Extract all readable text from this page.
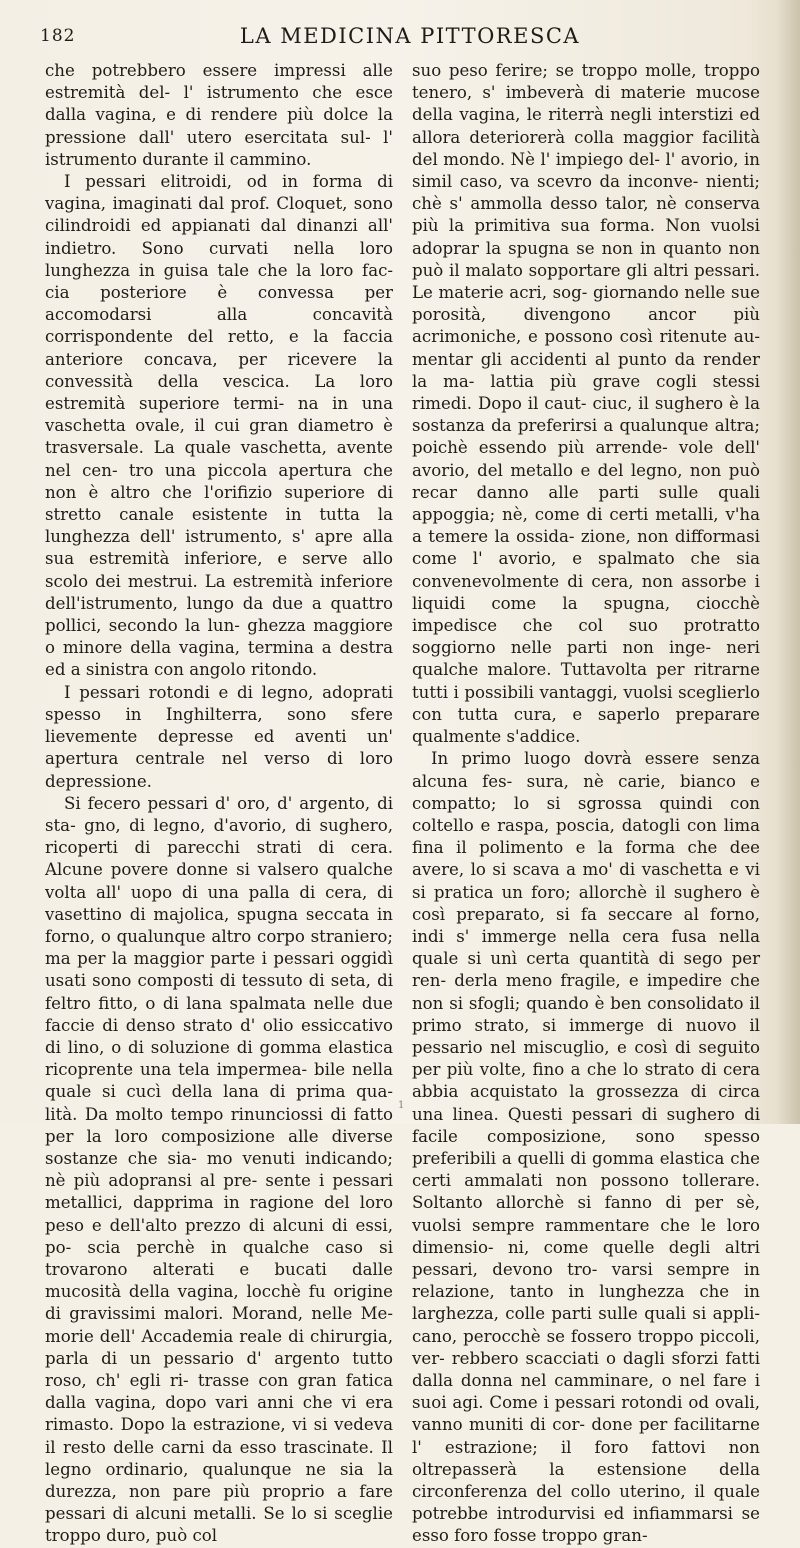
182	LA MEDICINA PITTORESCA

che potrebbero essere impressi alle estremità del- l' istrumento che esce dalla vagina, e di rendere più dolce la pressione dall' utero esercitata sul- l' istrumento durante il cammino.

I pessari elitroidi, od in forma di vagina, imaginati dal prof. Cloquet, sono cilindroidi ed appianati dal dinanzi all' indietro. Sono curvati nella loro lunghezza in guisa tale che la loro fac- cia posteriore è convessa per accomodarsi alla concavità corrispondente del retto, e la faccia anteriore concava, per ricevere la convessità della vescica. La loro estremità superiore termi- na in una vaschetta ovale, il cui gran diametro è trasversale. La quale vaschetta, avente nel cen- tro una piccola apertura che non è altro che l'orifizio superiore di stretto canale esistente in tutta la lunghezza dell' istrumento, s' apre alla sua estremità inferiore, e serve allo scolo dei mestrui. La estremità inferiore dell'istrumento, lungo da due a quattro pollici, secondo la lun- ghezza maggiore o minore della vagina, termina a destra ed a sinistra con angolo ritondo.

I pessari rotondi e di legno, adoprati spesso in Inghilterra, sono sfere lievemente depresse ed aventi un' apertura centrale nel verso di loro depressione.

Si fecero pessari d' oro, d' argento, di sta- gno, di legno, d'avorio, di sughero, ricoperti di parecchi strati di cera. Alcune povere donne si valsero qualche volta all' uopo di una palla di cera, di vasettino di majolica, spugna seccata in forno, o qualunque altro corpo straniero; ma per la maggior parte i pessari oggidì usati sono composti di tessuto di seta, di feltro fitto, o di lana spalmata nelle due faccie di denso strato d' olio essiccativo di lino, o di soluzione di gomma elastica ricoprente una tela impermea- bile nella quale si cucì della lana di prima qua- lità. Da molto tempo rinunciossi di fatto per la loro composizione alle diverse sostanze che sia- mo venuti indicando; nè più adopransi al pre- sente i pessari metallici, dapprima in ragione del loro peso e dell'alto prezzo di alcuni di essi, po- scia perchè in qualche caso si trovarono alterati e bucati dalle mucosità della vagina, locchè fu origine di gravissimi malori. Morand, nelle Me- morie dell' Accademia reale di chirurgia, parla di un pessario d' argento tutto roso, ch' egli ri- trasse con gran fatica dalla vagina, dopo vari anni che vi era rimasto. Dopo la estrazione, vi si vedeva il resto delle carni da esso trascinate. Il legno ordinario, qualunque ne sia la durezza, non pare più proprio a fare pessari di alcuni metalli. Se lo si sceglie troppo duro, può col

suo peso ferire; se troppo molle, troppo tenero, s' imbeverà di materie mucose della vagina, le riterrà negli interstizi ed allora deteriorerà colla maggior facilità del mondo. Nè l' impiego del- l' avorio, in simil caso, va scevro da inconve- nienti; chè s' ammolla desso talor, nè conserva più la primitiva sua forma. Non vuolsi adoprar la spugna se non in quanto non può il malato sopportare gli altri pessari. Le materie acri, sog- giornando nelle sue porosità, divengono ancor più acrimoniche, e possono così ritenute au- mentar gli accidenti al punto da render la ma- lattia più grave cogli stessi rimedi. Dopo il caut- ciuc, il sughero è la sostanza da preferirsi a qualunque altra; poichè essendo più arrende- vole dell' avorio, del metallo e del legno, non può recar danno alle parti sulle quali appoggia; nè, come di certi metalli, v'ha a temere la ossida- zione, non difformasi come l' avorio, e spalmato che sia convenevolmente di cera, non assorbe i liquidi come la spugna, ciocchè impedisce che col suo protratto soggiorno nelle parti non inge- neri qualche malore. Tuttavolta per ritrarne tutti i possibili vantaggi, vuolsi sceglierlo con tutta cura, e saperlo preparare qualmente s'addice.

In primo luogo dovrà essere senza alcuna fes- sura, nè carie, bianco e compatto; lo si sgrossa quindi con coltello e raspa, poscia, datogli con lima fina il polimento e la forma che dee avere, lo si scava a mo' di vaschetta e vi si pratica un foro; allorchè il sughero è così preparato, si fa seccare al forno, indi s' immerge nella cera fusa nella quale si unì certa quantità di sego per ren- derla meno fragile, e impedire che non si sfogli; quando è ben consolidato il primo strato, si immerge di nuovo il pessario nel miscuglio, e così di seguito per più volte, fino a che lo strato di cera abbia acquistato la grossezza di circa una linea. Questi pessari di sughero di facile composizione, sono spesso preferibili a quelli di gomma elastica che certi ammalati non possono tollerare. Soltanto allorchè si fanno di per sè, vuolsi sempre rammentare che le loro dimensio- ni, come quelle degli altri pessari, devono tro- varsi sempre in relazione, tanto in lunghezza che in larghezza, colle parti sulle quali si appli- cano, perocchè se fossero troppo piccoli, ver- rebbero scacciati o dagli sforzi fatti dalla donna nel camminare, o nel fare i suoi agi. Come i pessari rotondi od ovali, vanno muniti di cor- done per facilitarne l' estrazione; il foro fattovi non oltrepasserà la estensione della circonferenza del collo uterino, il quale potrebbe introdurvisi ed infiammarsi se esso foro fosse troppo gran-

1
